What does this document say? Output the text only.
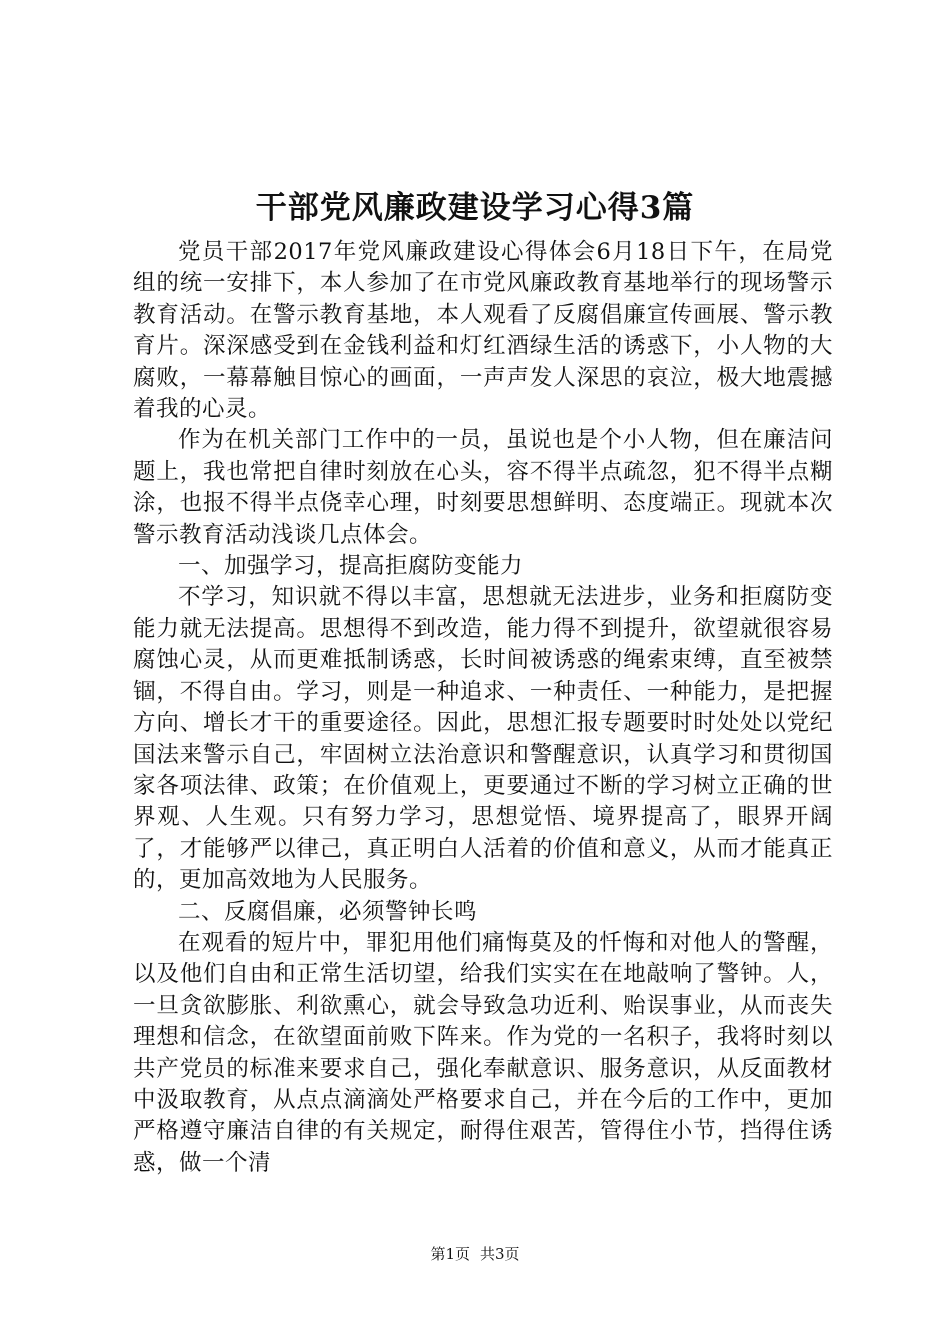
干部党风廉政建设学习心得3篇

党员干部2017年党风廉政建设心得体会6月18日下午，在局党组的统一安排下，本人参加了在市党风廉政教育基地举行的现场警示教育活动。在警示教育基地，本人观看了反腐倡廉宣传画展、警示教育片。深深感受到在金钱利益和灯红酒绿生活的诱惑下，小人物的大腐败，一幕幕触目惊心的画面，一声声发人深思的哀泣，极大地震撼着我的心灵。

作为在机关部门工作中的一员，虽说也是个小人物，但在廉洁问题上，我也常把自律时刻放在心头，容不得半点疏忽，犯不得半点糊涂，也报不得半点侥幸心理，时刻要思想鲜明、态度端正。现就本次警示教育活动浅谈几点体会。

一、加强学习，提高拒腐防变能力

不学习，知识就不得以丰富，思想就无法进步，业务和拒腐防变能力就无法提高。思想得不到改造，能力得不到提升，欲望就很容易腐蚀心灵，从而更难抵制诱惑，长时间被诱惑的绳索束缚，直至被禁锢，不得自由。学习，则是一种追求、一种责任、一种能力，是把握方向、增长才干的重要途径。因此，思想汇报专题要时时处处以党纪国法来警示自己，牢固树立法治意识和警醒意识，认真学习和贯彻国家各项法律、政策；在价值观上，更要通过不断的学习树立正确的世界观、人生观。只有努力学习，思想觉悟、境界提高了，眼界开阔了，才能够严以律己，真正明白人活着的价值和意义，从而才能真正的，更加高效地为人民服务。

二、反腐倡廉，必须警钟长鸣

在观看的短片中，罪犯用他们痛悔莫及的忏悔和对他人的警醒，以及他们自由和正常生活切望，给我们实实在在地敲响了警钟。人，一旦贪欲膨胀、利欲熏心，就会导致急功近利、贻误事业，从而丧失理想和信念，在欲望面前败下阵来。作为党的一名积子，我将时刻以共产党员的标准来要求自己，强化奉献意识、服务意识，从反面教材中汲取教育，从点点滴滴处严格要求自己，并在今后的工作中，更加严格遵守廉洁自律的有关规定，耐得住艰苦，管得住小节，挡得住诱惑，做一个清

第1页 共3页
